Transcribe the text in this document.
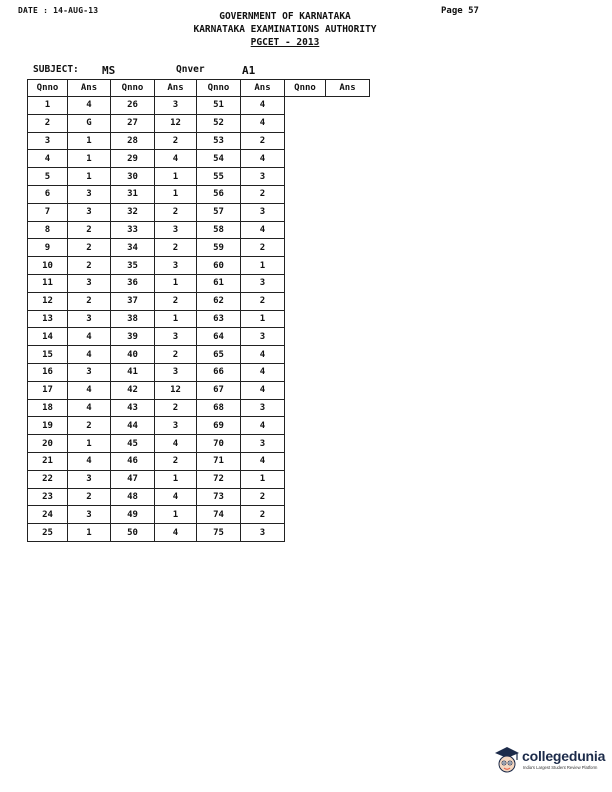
DATE : 14-AUG-13	Page 57
GOVERNMENT OF KARNATAKA
KARNATAKA EXAMINATIONS AUTHORITY
PGCET - 2013
SUBJECT: MS	Qnver	A1
Qnno	Ans	Qnno	Ans	Qnno	Ans	Qnno	Ans
1	4	26	3	51	4		
2	G	27	12	52	4		
3	1	28	2	53	2		
4	1	29	4	54	4		
5	1	30	1	55	3		
6	3	31	1	56	2		
7	3	32	2	57	3		
8	2	33	3	58	4		
9	2	34	2	59	2		
10	2	35	3	60	1		
11	3	36	1	61	3		
12	2	37	2	62	2		
13	3	38	1	63	1		
14	4	39	3	64	3		
15	4	40	2	65	4		
16	3	41	3	66	4		
17	4	42	12	67	4		
18	4	43	2	68	3		
19	2	44	3	69	4		
20	1	45	4	70	3		
21	4	46	2	71	4		
22	3	47	1	72	1		
23	2	48	4	73	2		
24	3	49	1	74	2		
25	1	50	4	75	3		
collegedunia
India's Largest Student Review Platform
